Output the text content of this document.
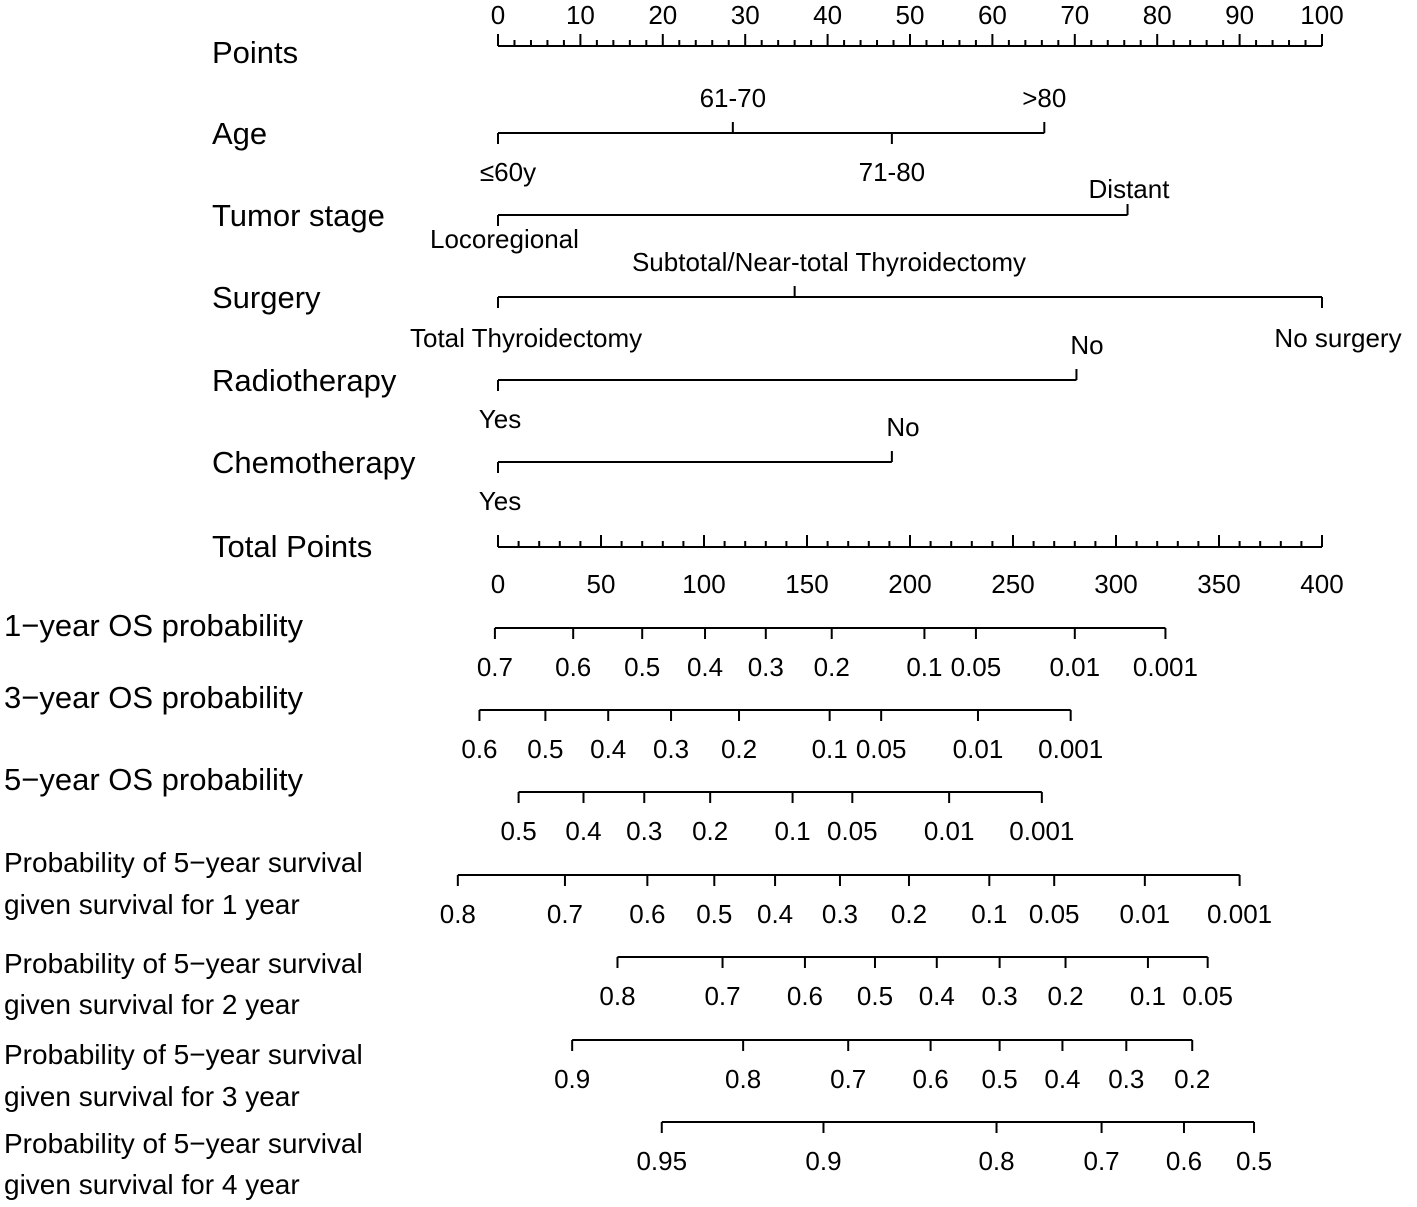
Points
0 10 20 30 40 50 60 70 80 90 100
Age
≤60y
61-70
71-80
>80
Tumor stage
Locoregional
Distant
Surgery
Total Thyroidectomy
Subtotal/Near-total Thyroidectomy
No surgery
Radiotherapy
Yes
No
Chemotherapy
Yes
No
Total Points
0	50	100 150 200 250 300 350 400
1−year OS probability
0.7 0.6 0.5 0.4 0.3 0.2 0.1 0.05 0.01 0.001
3−year OS probability
0.6 0.5 0.4 0.3 0.2 0.1 0.05 0.01 0.001
5−year OS probability
0.5 0.4 0.3 0.2 0.1 0.05 0.01 0.001
Probability of 5−year survival
given survival for 1 year	0.8	0.7 0.6 0.5 0.4 0.3 0.2 0.1 0.05 0.01 0.001
Probability of 5−year survival
given survival for 2 year	0.8	0.7 0.6 0.5 0.4 0.3 0.2 0.1 0.05
Probability of 5−year survival
given survival for 3 year
0.9	0.8	0.7 0.6 0.5 0.4 0.3 0.2
Probability of 5−year survival
given survival for 4 year
0.95	0.9	0.8	0.7 0.6 0.5
